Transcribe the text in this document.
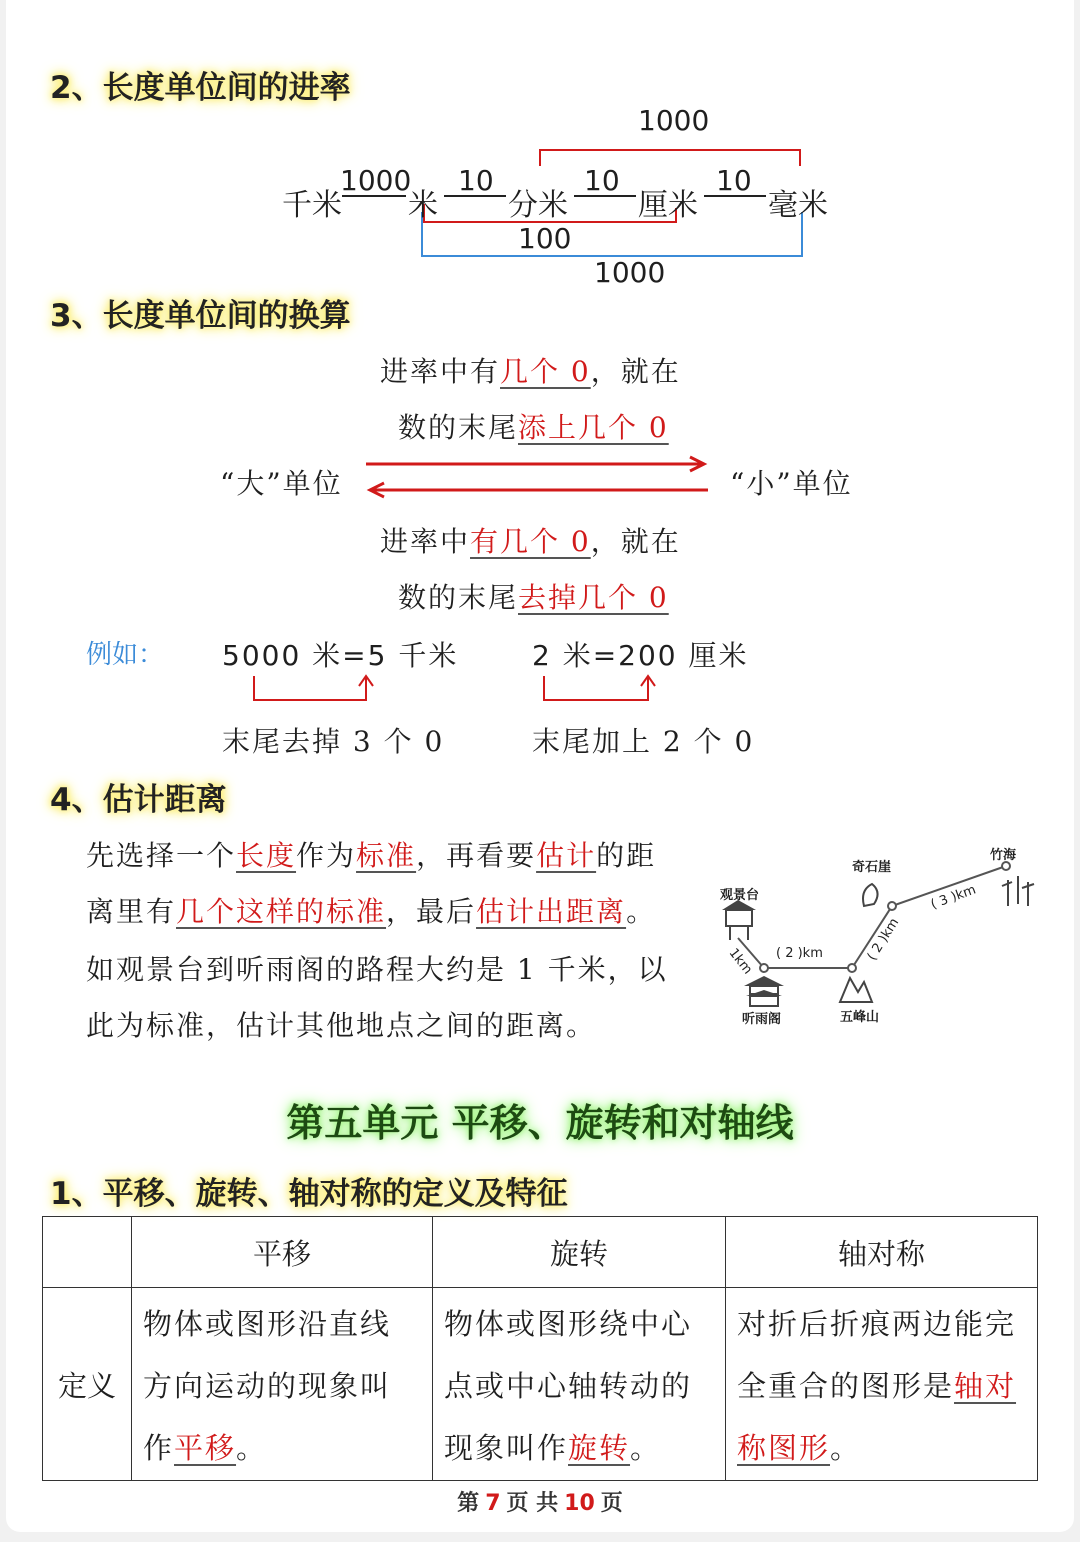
2、长度单位间的进率
1000
千米
1000
米
10
分米
10
厘米
10
毫米
100
1000
3、长度单位间的换算
进率中有几个 0，就在
数的末尾添上几个 0
“大”单位	“小”单位
进率中有几个 0，就在
数的末尾去掉几个 0
例如： 5000 米=5 千米	2 米=200 厘米
末尾去掉 3 个 0	末尾加上 2 个 0
4、估计距离
先选择一个长度作为标准，再看要估计的距
离里有几个这样的标准，最后估计出距离。
如观景台到听雨阁的路程大约是 1 千米，以
此为标准，估计其他地点之间的距离。
观景台
听雨阁	五峰山
奇石崖
竹海
1km ( 2 )km	( 2 )km
( 3 )km
第五单元 平移、旋转和对轴线
1、平移、旋转、轴对称的定义及特征
	平移	旋转	轴对称
定义	物体或图形沿直线方向运动的现象叫作平移。	物体或图形绕中心点或中心轴转动的现象叫作旋转。	对折后折痕两边能完全重合的图形是轴对称图形。
第 7 页 共 10 页
